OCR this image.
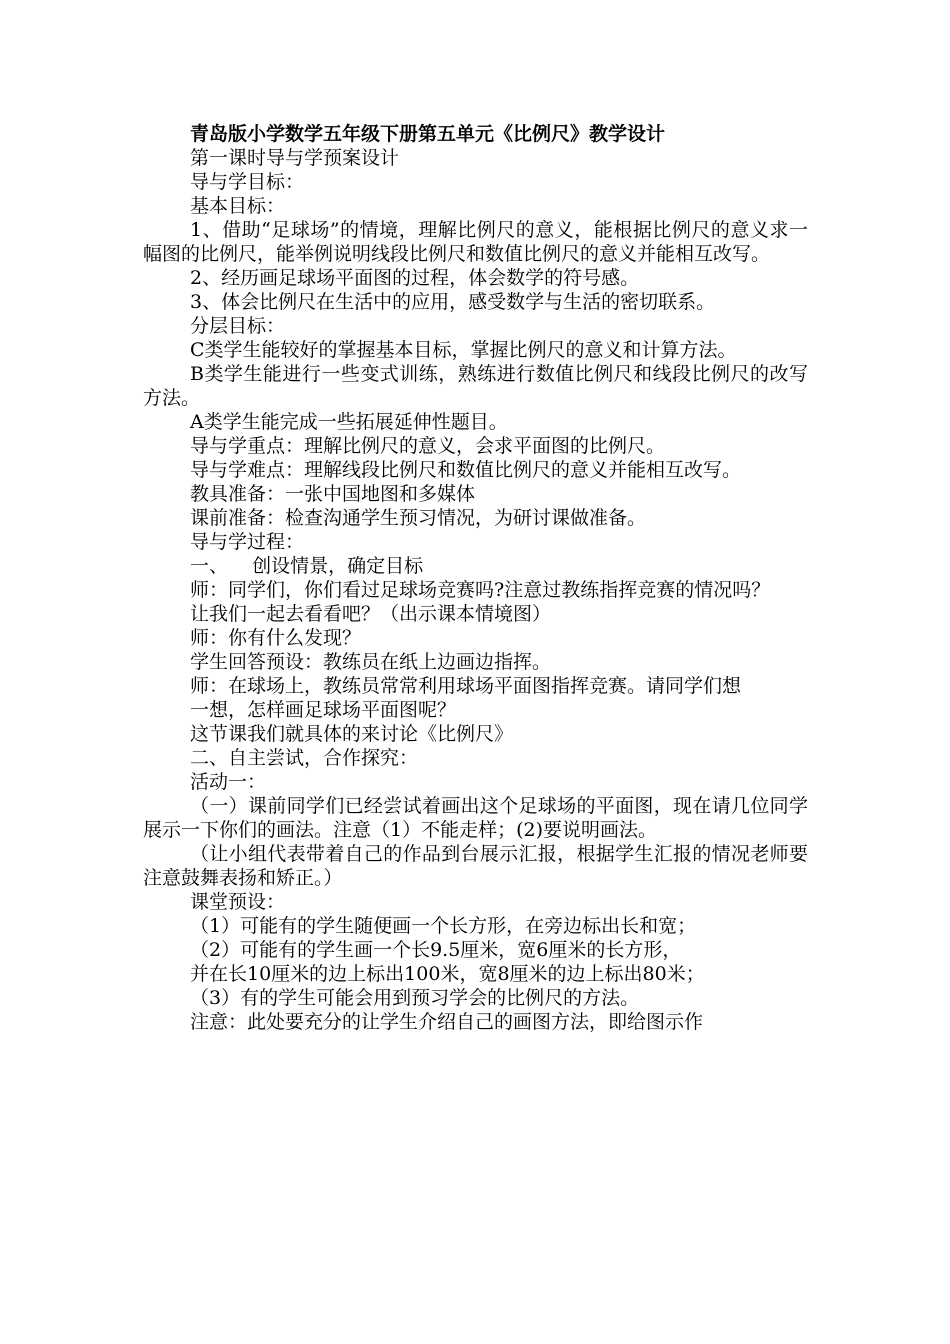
青岛版小学数学五年级下册第五单元《比例尺》教学设计

第一课时导与学预案设计

导与学目标：

基本目标：

1、借助“足球场”的情境，理解比例尺的意义，能根据比例尺的意义求一幅图的比例尺，能举例说明线段比例尺和数值比例尺的意义并能相互改写。

2、经历画足球场平面图的过程，体会数学的符号感。

3、体会比例尺在生活中的应用，感受数学与生活的密切联系。

分层目标：

C类学生能较好的掌握基本目标，掌握比例尺的意义和计算方法。

B类学生能进行一些变式训练，熟练进行数值比例尺和线段比例尺的改写方法。

A类学生能完成一些拓展延伸性题目。

导与学重点：理解比例尺的意义，会求平面图的比例尺。

导与学难点：理解线段比例尺和数值比例尺的意义并能相互改写。

教具准备：一张中国地图和多媒体

课前准备：检查沟通学生预习情况，为研讨课做准备。

导与学过程：

一、    创设情景，确定目标

师：同学们，你们看过足球场竞赛吗?注意过教练指挥竞赛的情况吗？

让我们一起去看看吧？（出示课本情境图）

师：你有什么发现？

学生回答预设：教练员在纸上边画边指挥。

师：在球场上，教练员常常利用球场平面图指挥竞赛。请同学们想

一想，怎样画足球场平面图呢？

这节课我们就具体的来讨论《比例尺》

二、自主尝试，合作探究：

活动一：

（一）课前同学们已经尝试着画出这个足球场的平面图，现在请几位同学展示一下你们的画法。注意（1）不能走样；(2)要说明画法。

（让小组代表带着自己的作品到台展示汇报，根据学生汇报的情况老师要注意鼓舞表扬和矫正。）

课堂预设：

（1）可能有的学生随便画一个长方形，在旁边标出长和宽；

（2）可能有的学生画一个长9.5厘米，宽6厘米的长方形，

并在长10厘米的边上标出100米，宽8厘米的边上标出80米；

（3）有的学生可能会用到预习学会的比例尺的方法。

注意：此处要充分的让学生介绍自己的画图方法，即给图示作
